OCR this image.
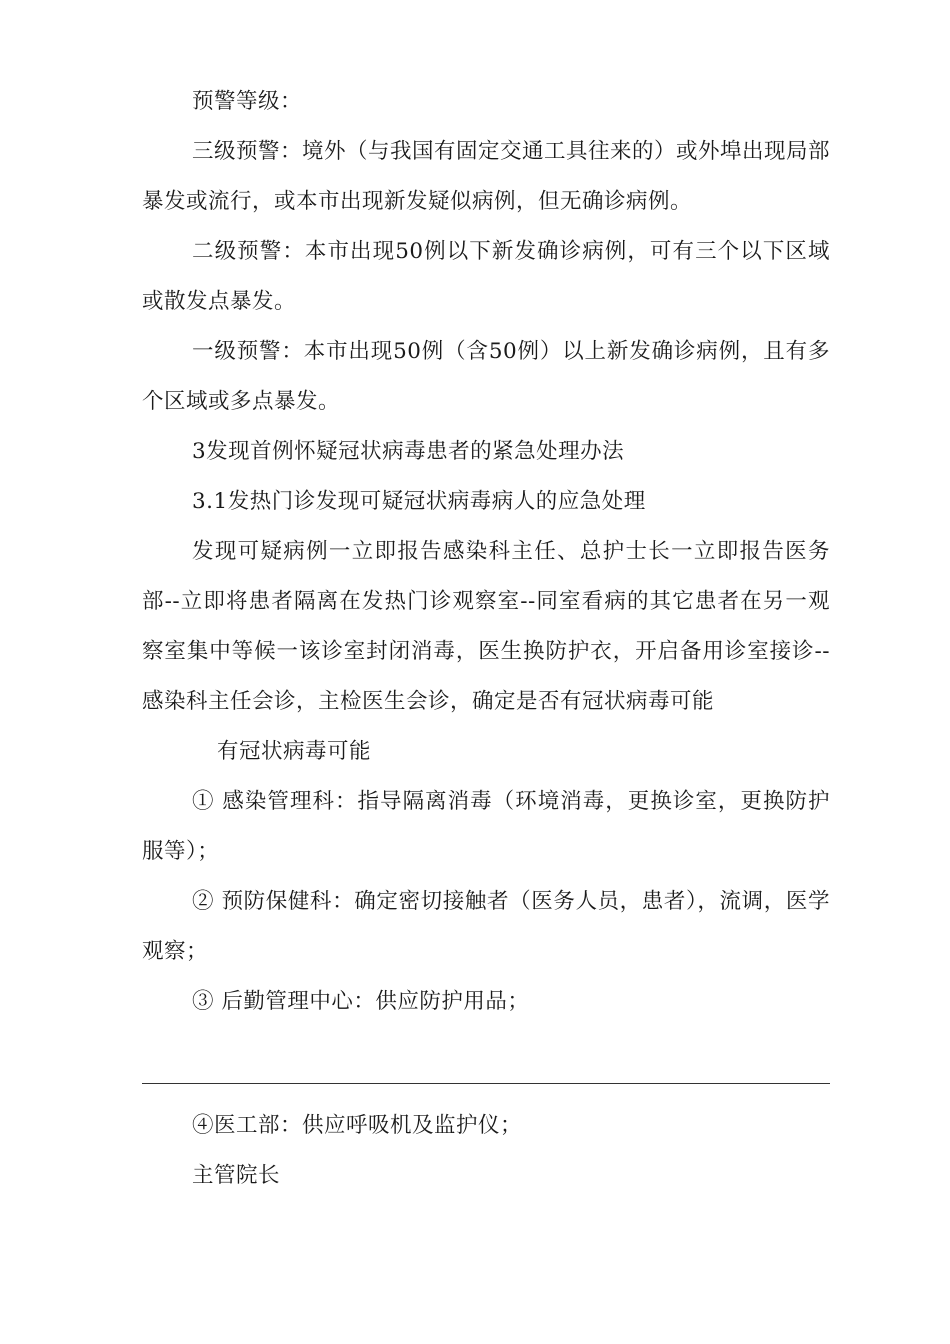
预警等级：

三级预警：境外（与我国有固定交通工具往来的）或外埠出现局部暴发或流行，或本市出现新发疑似病例，但无确诊病例。

二级预警：本市出现50例以下新发确诊病例，可有三个以下区域或散发点暴发。

一级预警：本市出现50例（含50例）以上新发确诊病例，且有多个区域或多点暴发。

3发现首例怀疑冠状病毒患者的紧急处理办法

3.1发热门诊发现可疑冠状病毒病人的应急处理

发现可疑病例一立即报告感染科主任、总护士长一立即报告医务部--立即将患者隔离在发热门诊观察室--同室看病的其它患者在另一观察室集中等候一该诊室封闭消毒，医生换防护衣，开启备用诊室接诊--感染科主任会诊，主检医生会诊，确定是否有冠状病毒可能

有冠状病毒可能

① 感染管理科：指导隔离消毒（环境消毒，更换诊室，更换防护服等）；

② 预防保健科：确定密切接触者（医务人员，患者），流调，医学观察；

③ 后勤管理中心：供应防护用品；

④医工部：供应呼吸机及监护仪；

主管院长
